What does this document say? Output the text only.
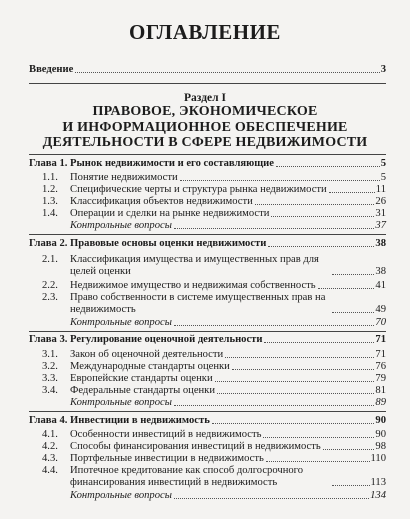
ОГЛАВЛЕНИЕ
Введение	3
Раздел I
ПРАВОВОЕ, ЭКОНОМИЧЕСКОЕ
И ИНФОРМАЦИОННОЕ ОБЕСПЕЧЕНИЕ
ДЕЯТЕЛЬНОСТИ В СФЕРЕ НЕДВИЖИМОСТИ
Глава 1. Рынок недвижимости и его составляющие	5
1.1.	Понятие недвижимости	5
1.2.	Специфические черты и структура рынка недвижимости	11
1.3.	Классификация объектов недвижимости	26
1.4.	Операции и сделки на рынке недвижимости	31
Контрольные вопросы	37
Глава 2. Правовые основы оценки недвижимости	38
2.1.	Классификация имущества и имущественных прав для целей оценки	38
2.2.	Недвижимое имущество и недвижимая собственность	41
2.3.	Право собственности в системе имущественных прав на недвижимость	49
Контрольные вопросы	70
Глава 3. Регулирование оценочной деятельности	71
3.1.	Закон об оценочной деятельности	71
3.2.	Международные стандарты оценки	76
3.3.	Европейские стандарты оценки	79
3.4.	Федеральные стандарты оценки	81
Контрольные вопросы	89
Глава 4. Инвестиции в недвижимость	90
4.1.	Особенности инвестиций в недвижимость	90
4.2.	Способы финансирования инвестиций в недвижимость	98
4.3.	Портфельные инвестиции в недвижимость	110
4.4.	Ипотечное кредитование как способ долгосрочного финансирования инвестиций в недвижимость	113
Контрольные вопросы	134
